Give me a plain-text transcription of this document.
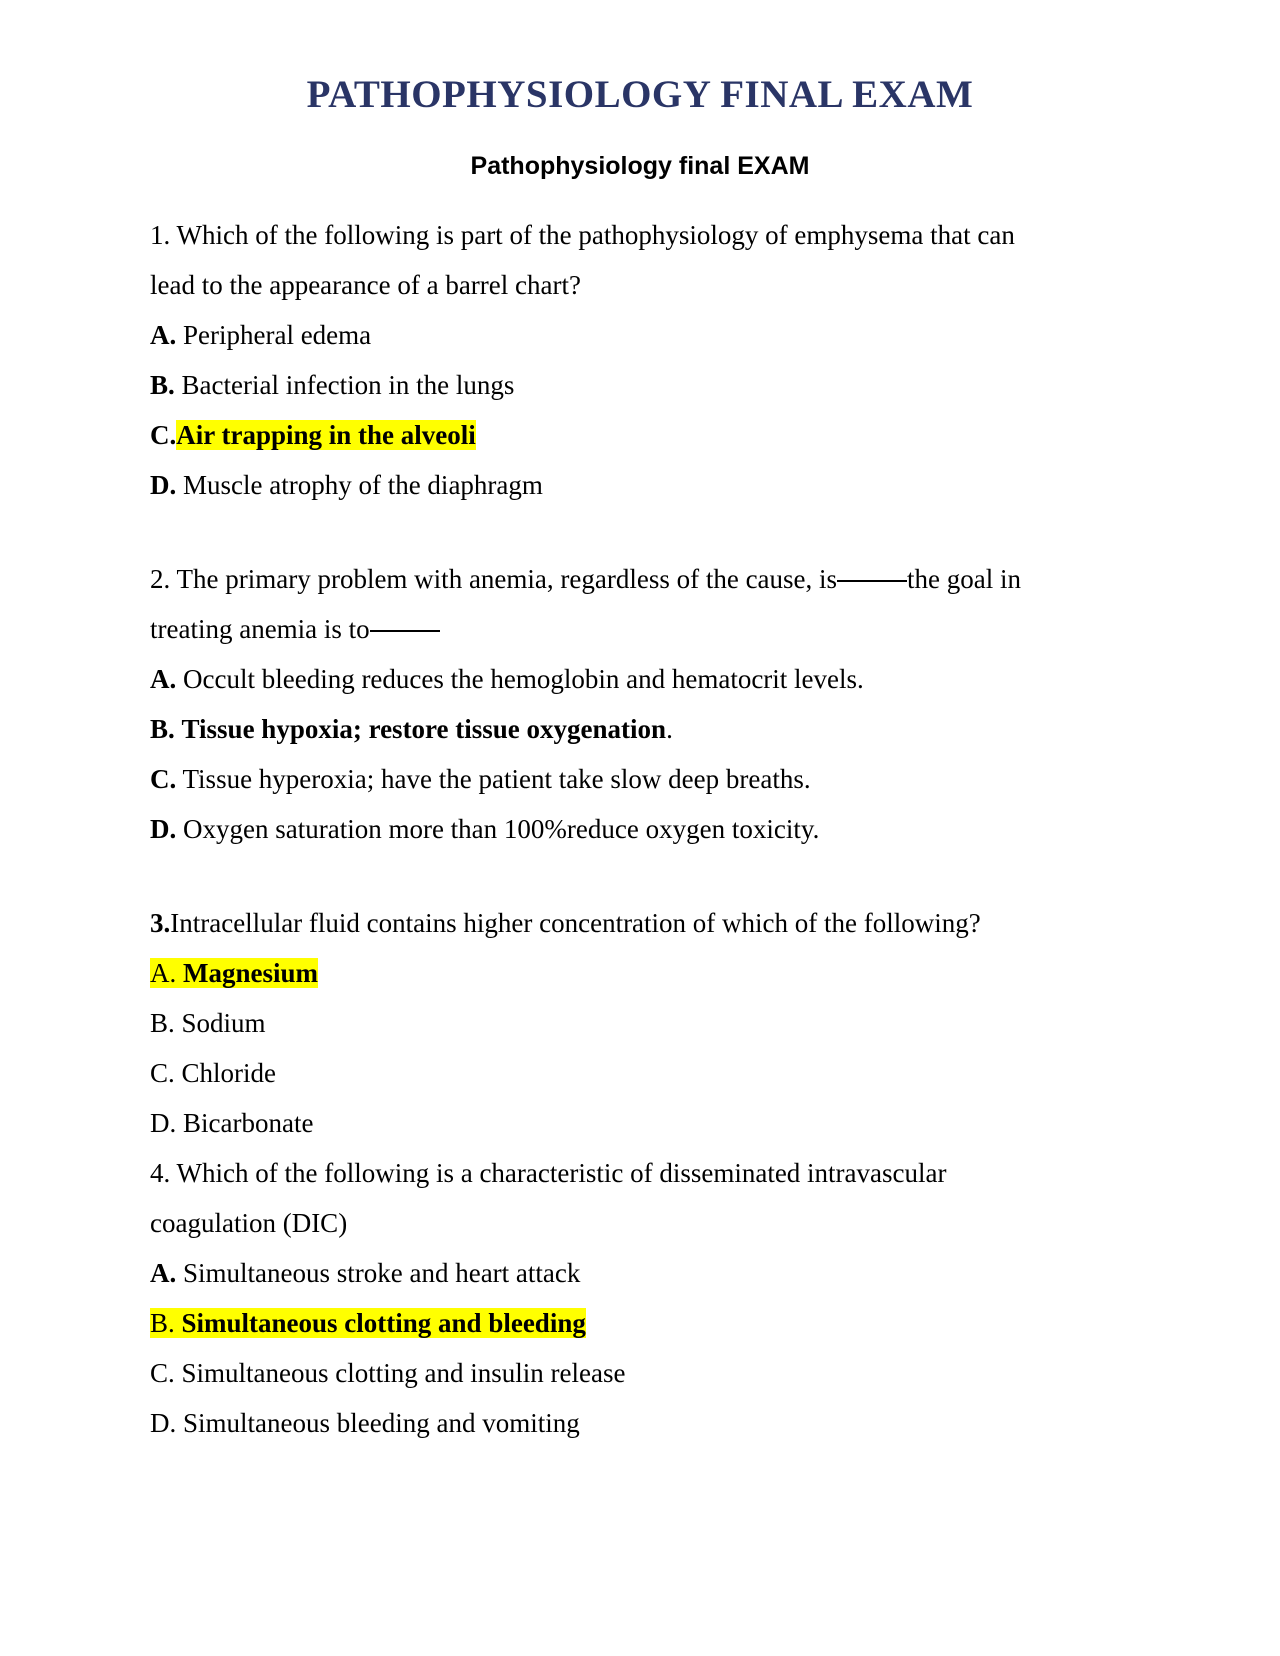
PATHOPHYSIOLOGY FINAL EXAM
Pathophysiology final EXAM
1. Which of the following is part of the pathophysiology of emphysema that can
lead to the appearance of a barrel chart?
A. Peripheral edema
B. Bacterial infection in the lungs
C.Air trapping in the alveoli
D. Muscle atrophy of the diaphragm
2. The primary problem with anemia, regardless of the cause, is	the goal in
treating anemia is to
A. Occult bleeding reduces the hemoglobin and hematocrit levels.
B. Tissue hypoxia; restore tissue oxygenation.
C. Tissue hyperoxia; have the patient take slow deep breaths.
D. Oxygen saturation more than 100%reduce oxygen toxicity.
3.Intracellular fluid contains higher concentration of which of the following?
A. Magnesium
B. Sodium
C. Chloride
D. Bicarbonate
4. Which of the following is a characteristic of disseminated intravascular
coagulation (DIC)
A. Simultaneous stroke and heart attack
B. Simultaneous clotting and bleeding
C. Simultaneous clotting and insulin release
D. Simultaneous bleeding and vomiting
